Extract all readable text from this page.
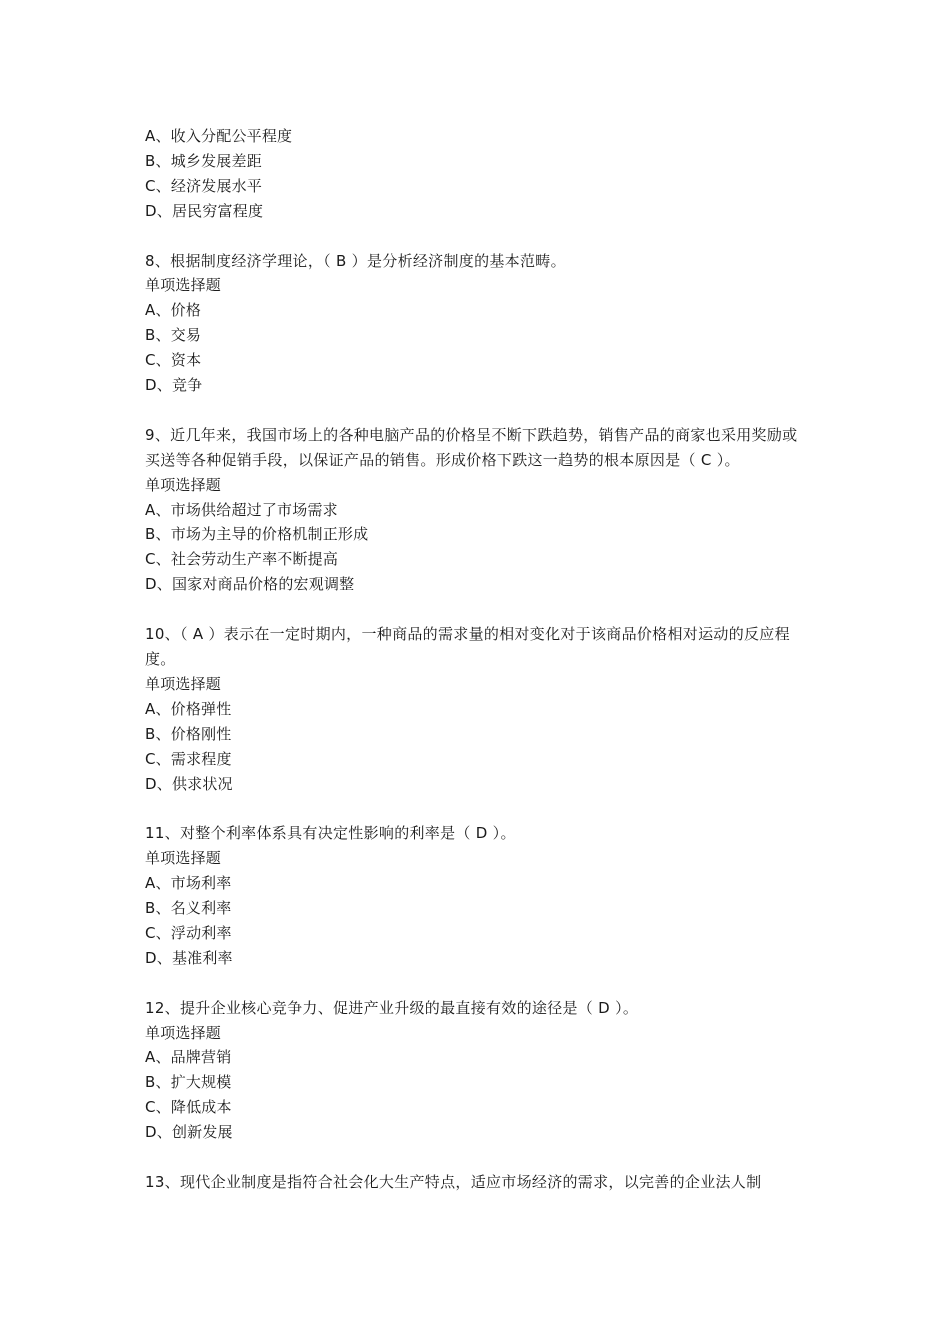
A、收入分配公平程度
B、城乡发展差距
C、经济发展水平
D、居民穷富程度
8、根据制度经济学理论，（ B ）是分析经济制度的基本范畴。
单项选择题
A、价格
B、交易
C、资本
D、竞争
9、近几年来，我国市场上的各种电脑产品的价格呈不断下跌趋势，销售产品的商家也采用奖励或买送等各种促销手段，以保证产品的销售。形成价格下跌这一趋势的根本原因是（ C ）。
单项选择题
A、市场供给超过了市场需求
B、市场为主导的价格机制正形成
C、社会劳动生产率不断提高
D、国家对商品价格的宏观调整
10、（ A ）表示在一定时期内，一种商品的需求量的相对变化对于该商品价格相对运动的反应程度。
单项选择题
A、价格弹性
B、价格刚性
C、需求程度
D、供求状况
11、对整个利率体系具有决定性影响的利率是（ D ）。
单项选择题
A、市场利率
B、名义利率
C、浮动利率
D、基准利率
12、提升企业核心竞争力、促进产业升级的最直接有效的途径是（ D ）。
单项选择题
A、品牌营销
B、扩大规模
C、降低成本
D、创新发展
13、现代企业制度是指符合社会化大生产特点，适应市场经济的需求，以完善的企业法人制
